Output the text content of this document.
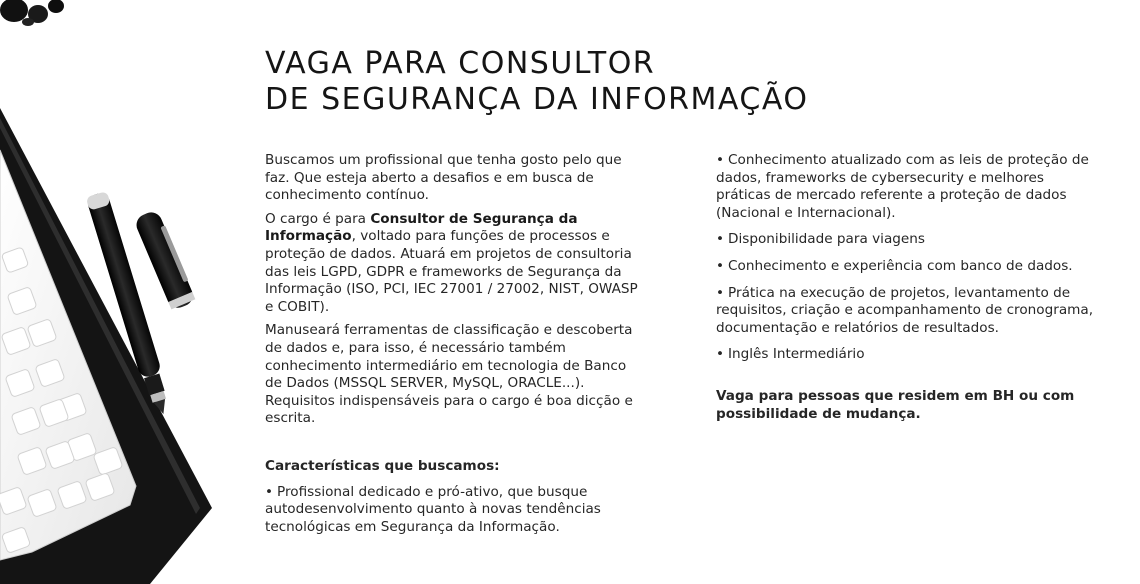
VAGA PARA CONSULTOR
DE SEGURANÇA DA INFORMAÇÃO

Buscamos um profissional que tenha gosto pelo que faz. Que esteja aberto a desafios e em busca de conhecimento contínuo.

O cargo é para Consultor de Segurança da Informação, voltado para funções de processos e proteção de dados. Atuará em projetos de consultoria das leis LGPD, GDPR e frameworks de Segurança da Informação (ISO, PCI, IEC 27001 / 27002, NIST, OWASP e COBIT).

Manuseará ferramentas de classificação e descoberta de dados e, para isso, é necessário também conhecimento intermediário em tecnologia de Banco de Dados (MSSQL SERVER, MySQL, ORACLE...). Requisitos indispensáveis para o cargo é boa dicção e escrita.

Características que buscamos:

• Profissional dedicado e pró-ativo, que busque autodesenvolvimento quanto à novas tendências tecnológicas em Segurança da Informação.
• Conhecimento atualizado com as leis de proteção de dados, frameworks de cybersecurity e melhores práticas de mercado referente a proteção de dados (Nacional e Internacional).
• Disponibilidade para viagens
• Conhecimento e experiência com banco de dados.
• Prática na execução de projetos, levantamento de requisitos, criação e acompanhamento de cronograma, documentação e relatórios de resultados.
• Inglês Intermediário

Vaga para pessoas que residem em BH ou com possibilidade de mudança.
